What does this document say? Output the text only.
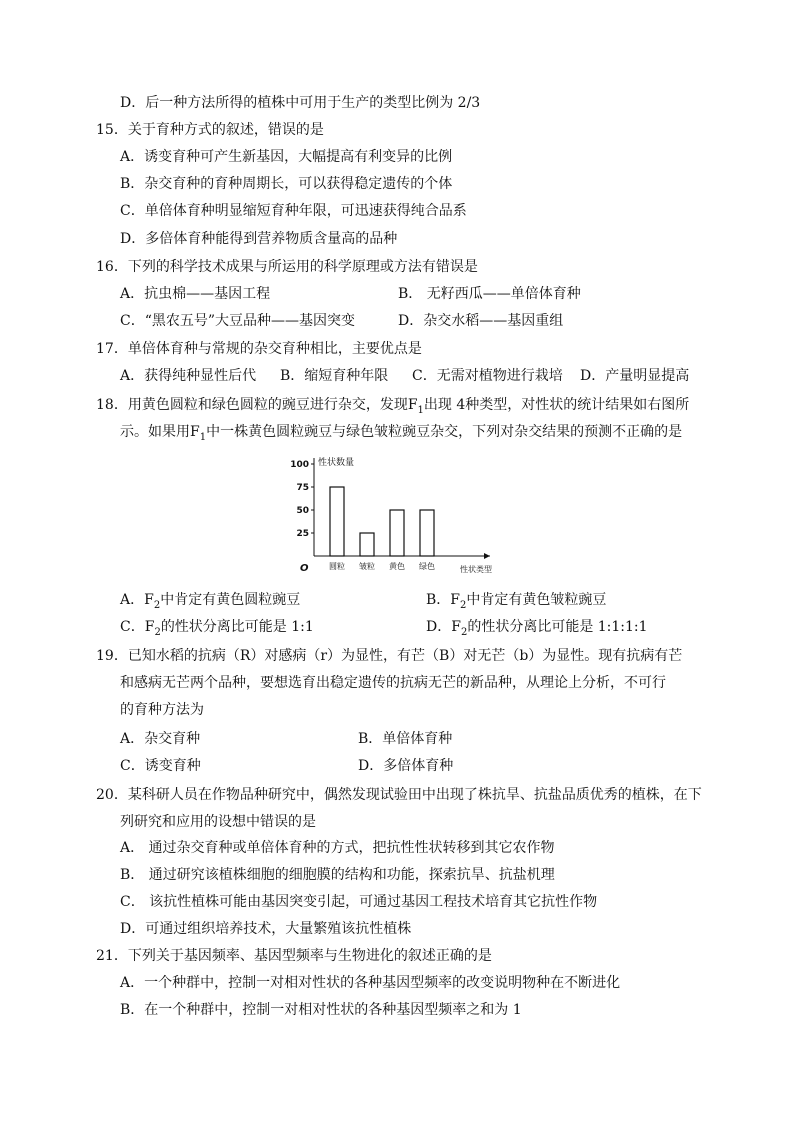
D．后一种方法所得的植株中可用于生产的类型比例为 2/3
15．关于育种方式的叙述，错误的是
A．诱变育种可产生新基因，大幅提高有利变异的比例
B．杂交育种的育种周期长，可以获得稳定遗传的个体
C．单倍体育种明显缩短育种年限，可迅速获得纯合品系
D．多倍体育种能得到营养物质含量高的品种
16．下列的科学技术成果与所运用的科学原理或方法有错误是
A．抗虫棉——基因工程	B． 无籽西瓜——单倍体育种
C．“黑农五号”大豆品种——基因突变	D．杂交水稻——基因重组
17．单倍体育种与常规的杂交育种相比，主要优点是
A．获得纯种显性后代 B．缩短育种年限 C．无需对植物进行栽培 D．产量明显提高
18．用黄色圆粒和绿色圆粒的豌豆进行杂交，发现$F_1$出现 4种类型，对性状的统计结果如右图所
示。如果用$F_1$中一株黄色圆粒豌豆与绿色皱粒豌豆杂交，下列对杂交结果的预测不正确的是
25
50
75
100 性状数量
O	性状类型
圆粒 皱粒 黄色 绿色
A．$F_2$中肯定有黄色圆粒豌豆	B．$F_2$中肯定有黄色皱粒豌豆
C．$F_2$的性状分离比可能是 1:1	D．$F_2$的性状分离比可能是 1:1:1:1
19．已知水稻的抗病（R）对感病（r）为显性，有芒（B）对无芒（b）为显性。现有抗病有芒
和感病无芒两个品种，要想选育出稳定遗传的抗病无芒的新品种，从理论上分析，不可行
的育种方法为
A．杂交育种	B．单倍体育种
C．诱变育种	D．多倍体育种
20．某科研人员在作物品种研究中，偶然发现试验田中出现了株抗旱、抗盐品质优秀的植株，在下
列研究和应用的设想中错误的是
A． 通过杂交育种或单倍体育种的方式，把抗性性状转移到其它农作物
B． 通过研究该植株细胞的细胞膜的结构和功能，探索抗旱、抗盐机理
C． 该抗性植株可能由基因突变引起，可通过基因工程技术培育其它抗性作物
D．可通过组织培养技术，大量繁殖该抗性植株
21．下列关于基因频率、基因型频率与生物进化的叙述正确的是
A．一个种群中，控制一对相对性状的各种基因型频率的改变说明物种在不断进化
B．在一个种群中，控制一对相对性状的各种基因型频率之和为 1
